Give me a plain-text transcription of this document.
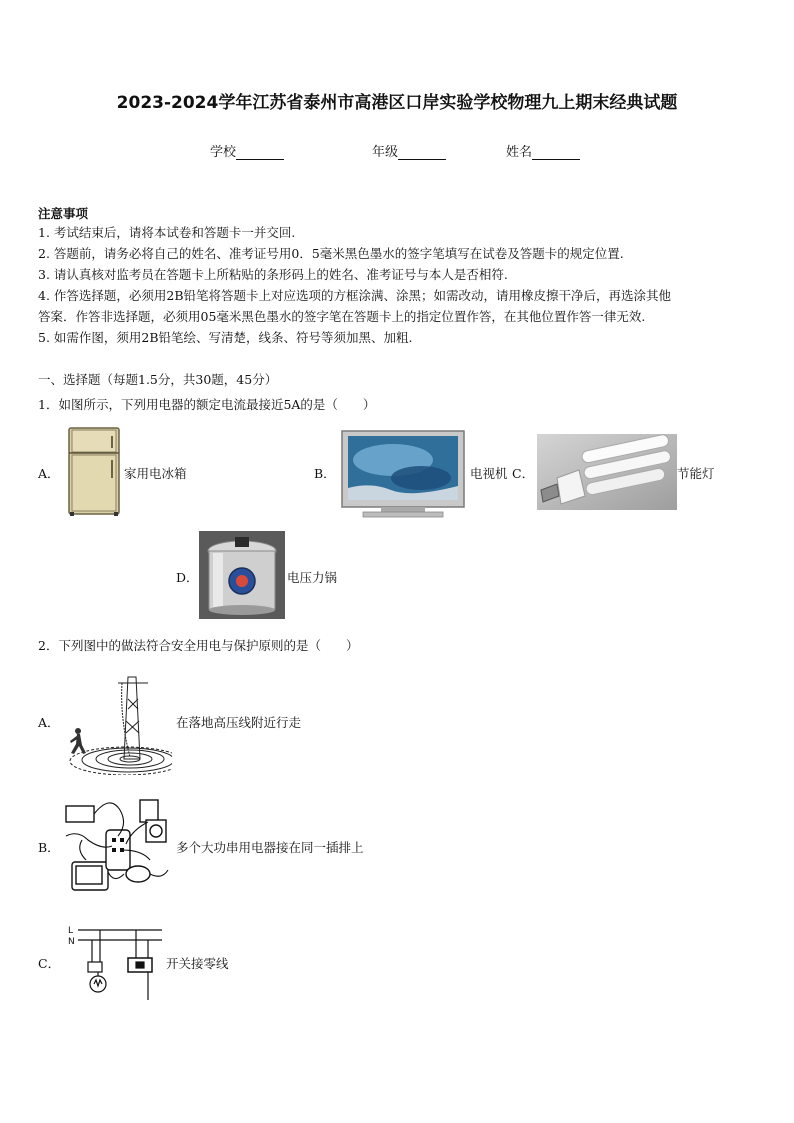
2023-2024学年江苏省泰州市高港区口岸实验学校物理九上期末经典试题
学校	年级	姓名
注意事项
1. 考试结束后，请将本试卷和答题卡一并交回.
2. 答题前，请务必将自己的姓名、准考证号用0．5毫米黑色墨水的签字笔填写在试卷及答题卡的规定位置.
3. 请认真核对监考员在答题卡上所粘贴的条形码上的姓名、准考证号与本人是否相符.
4. 作答选择题，必须用2B铅笔将答题卡上对应选项的方框涂满、涂黑；如需改动，请用橡皮擦干净后，再选涂其他
答案．作答非选择题，必须用05毫米黑色墨水的签字笔在答题卡上的指定位置作答，在其他位置作答一律无效.
5. 如需作图，须用2B铅笔绘、写清楚，线条、符号等须加黑、加粗.
一、选择题（每题1.5分，共30题，45分）
1．如图所示，下列用电器的额定电流最接近5A的是（　　）
A．	家用电冰箱	B．	电视机 C．	节能灯
D．	电压力锅
2．下列图中的做法符合安全用电与保护原则的是（　　）
A．	在落地高压线附近行走
B．	多个大功串用电器接在同一插排上
C．
L
N
开关接零线
